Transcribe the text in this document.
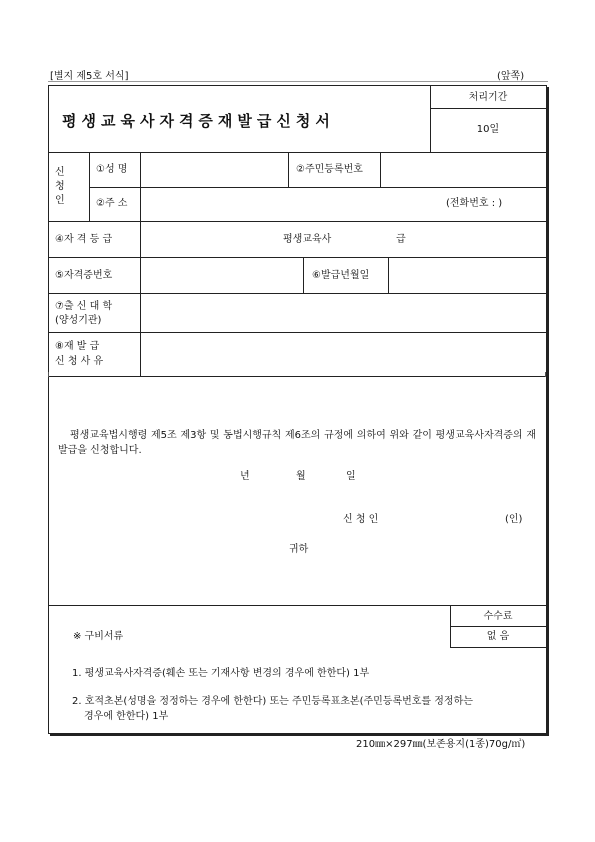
[별지 제5호 서식]	(앞쪽)
평생교육사자격증재발급신청서
처리기간
10일
신
청
인
①성 명	②주민등록번호
②주 소	(전화번호 : )
④자 격 등 급	평생교육사	급
⑤자격증번호	⑥발급년월일
⑦출 신 대 학
(양성기관)
⑧재 발 급
신 청 사 유
평생교육법시행령 제5조 제3항 및 동법시행규칙 제6조의 규정에 의하여 위와 같이 평생교육사자격증의 재발급을 신청합니다.
년	월	일
신 청 인	(인)
귀하
수수료
없 음
※ 구비서류
1. 평생교육사자격증(훼손 또는 기재사항 변경의 경우에 한한다) 1부
2. 호적초본(성명을 정정하는 경우에 한한다) 또는 주민등록표초본(주민등록번호를 정정하는
경우에 한한다) 1부
210㎜×297㎜(보존용지(1종)70g/㎡)
